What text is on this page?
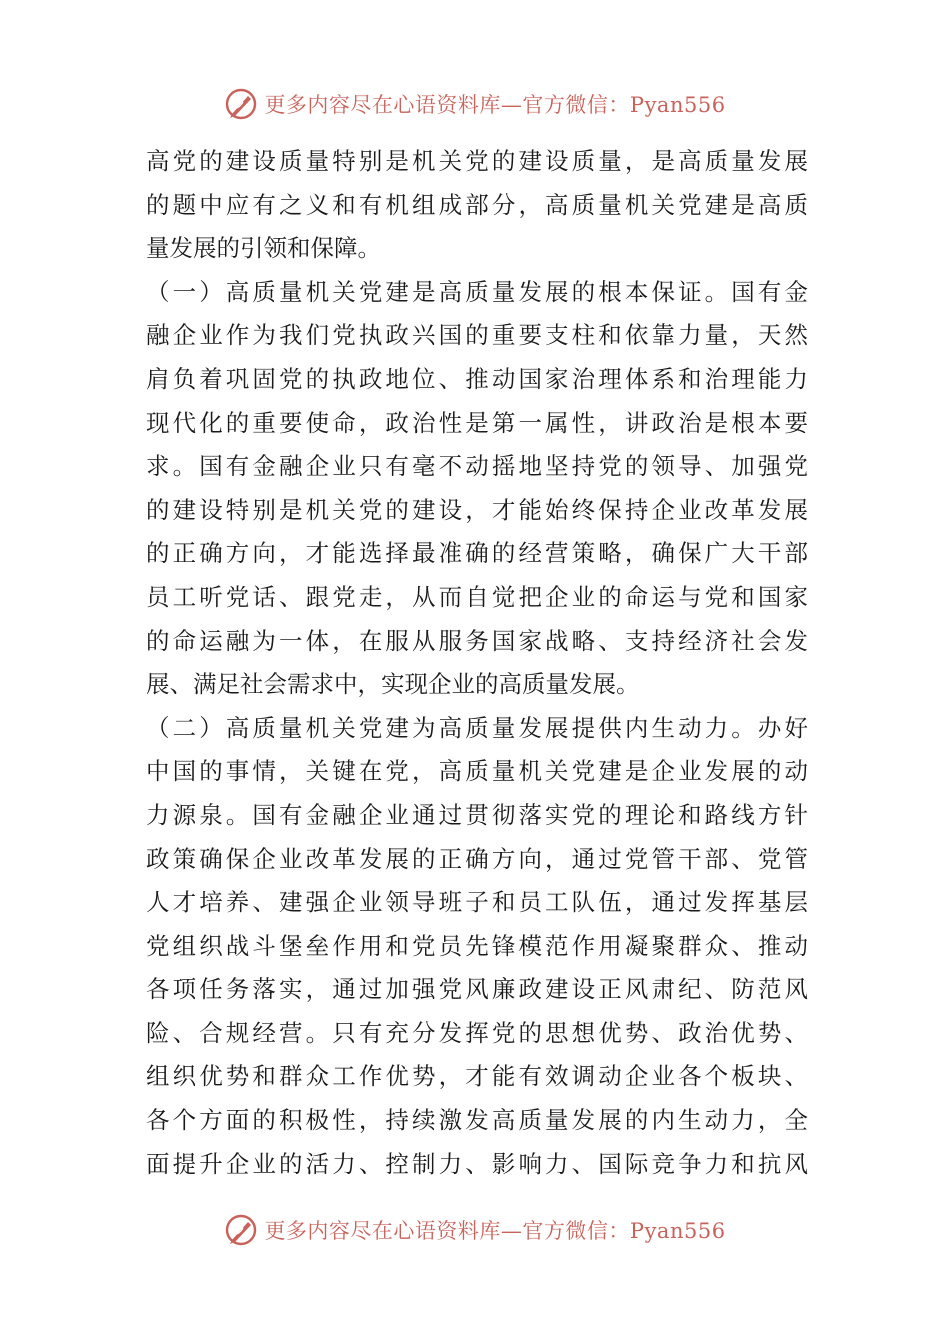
更多内容尽在心语资料库—官方微信：Pyan556
高党的建设质量特别是机关党的建设质量，是高质量发展
的题中应有之义和有机组成部分，高质量机关党建是高质
量发展的引领和保障。
（一）高质量机关党建是高质量发展的根本保证。国有金
融企业作为我们党执政兴国的重要支柱和依靠力量，天然
肩负着巩固党的执政地位、推动国家治理体系和治理能力
现代化的重要使命，政治性是第一属性，讲政治是根本要
求。国有金融企业只有毫不动摇地坚持党的领导、加强党
的建设特别是机关党的建设，才能始终保持企业改革发展
的正确方向，才能选择最准确的经营策略，确保广大干部
员工听党话、跟党走，从而自觉把企业的命运与党和国家
的命运融为一体，在服从服务国家战略、支持经济社会发
展、满足社会需求中，实现企业的高质量发展。
（二）高质量机关党建为高质量发展提供内生动力。办好
中国的事情，关键在党，高质量机关党建是企业发展的动
力源泉。国有金融企业通过贯彻落实党的理论和路线方针
政策确保企业改革发展的正确方向，通过党管干部、党管
人才培养、建强企业领导班子和员工队伍，通过发挥基层
党组织战斗堡垒作用和党员先锋模范作用凝聚群众、推动
各项任务落实，通过加强党风廉政建设正风肃纪、防范风
险、合规经营。只有充分发挥党的思想优势、政治优势、
组织优势和群众工作优势，才能有效调动企业各个板块、
各个方面的积极性，持续激发高质量发展的内生动力，全
面提升企业的活力、控制力、影响力、国际竞争力和抗风
更多内容尽在心语资料库—官方微信：Pyan556
